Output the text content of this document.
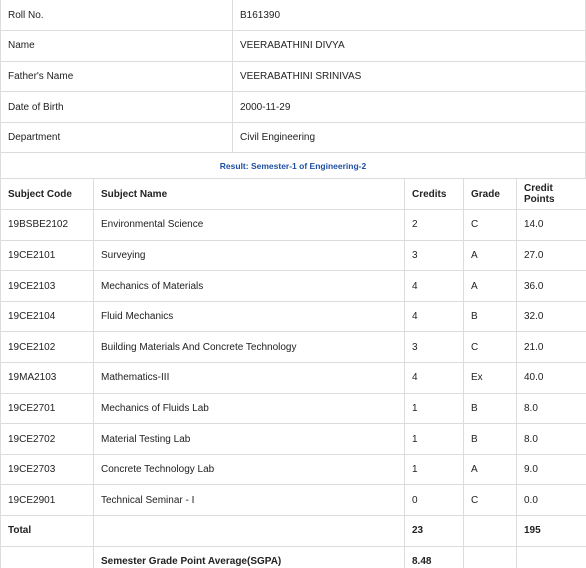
Roll No.	B161390
Name	VEERABATHINI DIVYA
Father's Name	VEERABATHINI SRINIVAS
Date of Birth	2000-11-29
Department	Civil Engineering
Result: Semester-1 of Engineering-2
Subject Code	Subject Name	Credits	Grade	Credit Points
19BSBE2102	Environmental Science	2	C	14.0
19CE2101	Surveying	3	A	27.0
19CE2103	Mechanics of Materials	4	A	36.0
19CE2104	Fluid Mechanics	4	B	32.0
19CE2102	Building Materials And Concrete Technology	3	C	21.0
19MA2103	Mathematics-III	4	Ex	40.0
19CE2701	Mechanics of Fluids Lab	1	B	8.0
19CE2702	Material Testing Lab	1	B	8.0
19CE2703	Concrete Technology Lab	1	A	9.0
19CE2901	Technical Seminar - I	0	C	0.0
Total		23		195
	Semester Grade Point Average(SGPA)	8.48		
